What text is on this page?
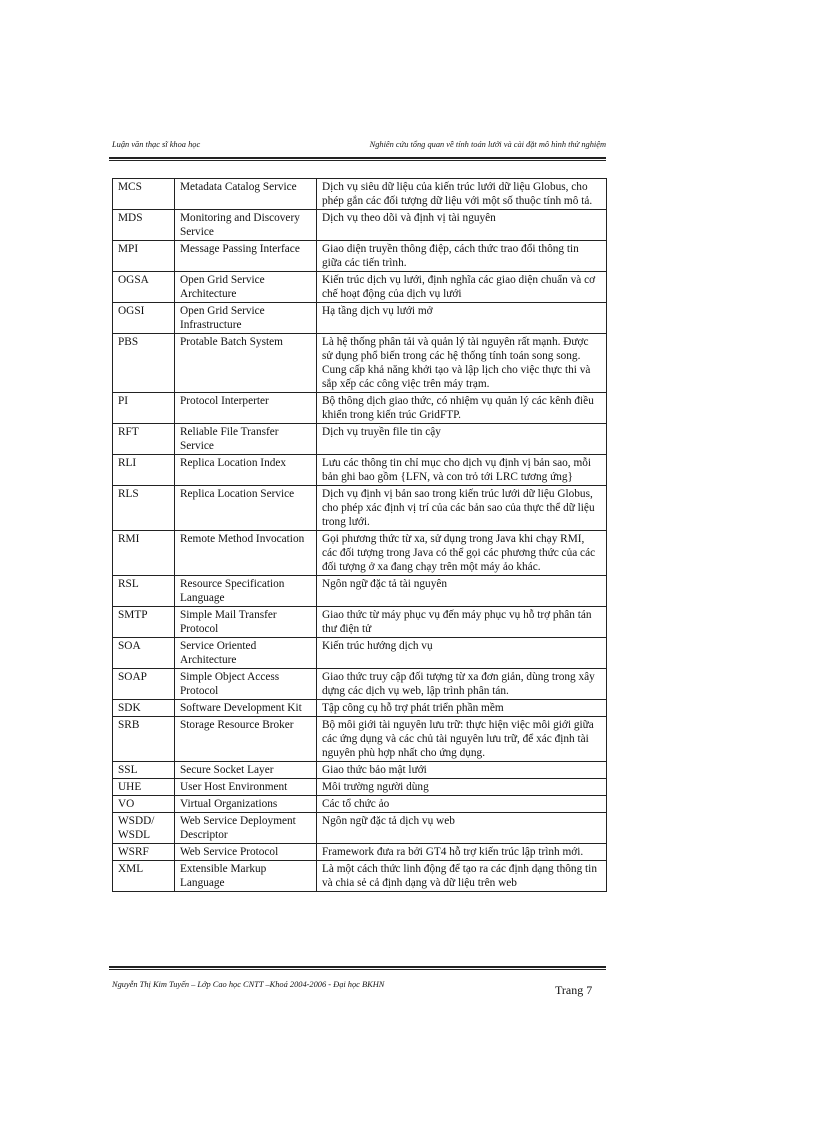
Luận văn thạc sĩ khoa học	Nghiên cứu tổng quan về tính toán lưới và cài đặt mô hình thử nghiệm
MCS	Metadata Catalog Service	Dịch vụ siêu dữ liệu của kiến trúc lưới dữ liệu Globus, cho phép gắn các đối tượng dữ liệu với một số thuộc tính mô tả.
MDS	Monitoring and Discovery Service	Dịch vụ theo dõi và định vị tài nguyên
MPI	Message Passing Interface	Giao diện truyền thông điệp, cách thức trao đổi thông tin giữa các tiến trình.
OGSA	Open Grid Service Architecture	Kiến trúc dịch vụ lưới, định nghĩa các giao diện chuẩn và cơ chế hoạt động của dịch vụ lưới
OGSI	Open Grid Service Infrastructure	Hạ tầng dịch vụ lưới mở
PBS	Protable Batch System	Là hệ thống phân tải và quản lý tài nguyên rất mạnh. Được sử dụng phổ biến trong các hệ thống tính toán song song. Cung cấp khả năng khởi tạo và lập lịch cho việc thực thi và sắp xếp các công việc trên máy trạm.
PI	Protocol Interperter	Bộ thông dịch giao thức, có nhiệm vụ quản lý các kênh điều khiển trong kiến trúc GridFTP.
RFT	Reliable File Transfer Service	Dịch vụ truyền file tin cậy
RLI	Replica Location Index	Lưu các thông tin chỉ mục cho dịch vụ định vị bản sao, mỗi bản ghi bao gồm {LFN, và con trỏ tới LRC tương ứng}
RLS	Replica Location Service	Dịch vụ định vị bản sao trong kiến trúc lưới dữ liệu Globus, cho phép xác định vị trí của các bản sao của thực thể dữ liệu trong lưới.
RMI	Remote Method Invocation	Gọi phương thức từ xa, sử dụng trong Java khi chạy RMI, các đối tượng trong Java có thể gọi các phương thức của các đối tượng ở xa đang chạy trên một máy ảo khác.
RSL	Resource Specification Language	Ngôn ngữ đặc tả tài nguyên
SMTP	Simple Mail Transfer Protocol	Giao thức từ máy phục vụ đến máy phục vụ hỗ trợ phân tán thư điện tử
SOA	Service Oriented Architecture	Kiến trúc hướng dịch vụ
SOAP	Simple Object Access Protocol	Giao thức truy cập đối tượng từ xa đơn giản, dùng trong xây dựng các dịch vụ web, lập trình phân tán.
SDK	Software Development Kit	Tập công cụ hỗ trợ phát triển phần mềm
SRB	Storage Resource Broker	Bộ môi giới tài nguyên lưu trữ: thực hiện việc môi giới giữa các ứng dụng và các chủ tài nguyên lưu trữ, để xác định tài nguyên phù hợp nhất cho ứng dụng.
SSL	Secure Socket Layer	Giao thức bảo mật lưới
UHE	User Host Environment	Môi trường người dùng
VO	Virtual Organizations	Các tổ chức ảo
WSDD/ WSDL	Web Service Deployment Descriptor	Ngôn ngữ đặc tả dịch vụ web
WSRF	Web Service Protocol	Framework đưa ra bởi GT4 hỗ trợ kiến trúc lập trình mới.
XML	Extensible Markup Language	Là một cách thức linh động để tạo ra các định dạng thông tin và chia sẻ cả định dạng và dữ liệu trên web
Nguyễn Thị Kim Tuyến – Lớp Cao học CNTT –Khoá 2004-2006 - Đại học BKHN	Trang 7
